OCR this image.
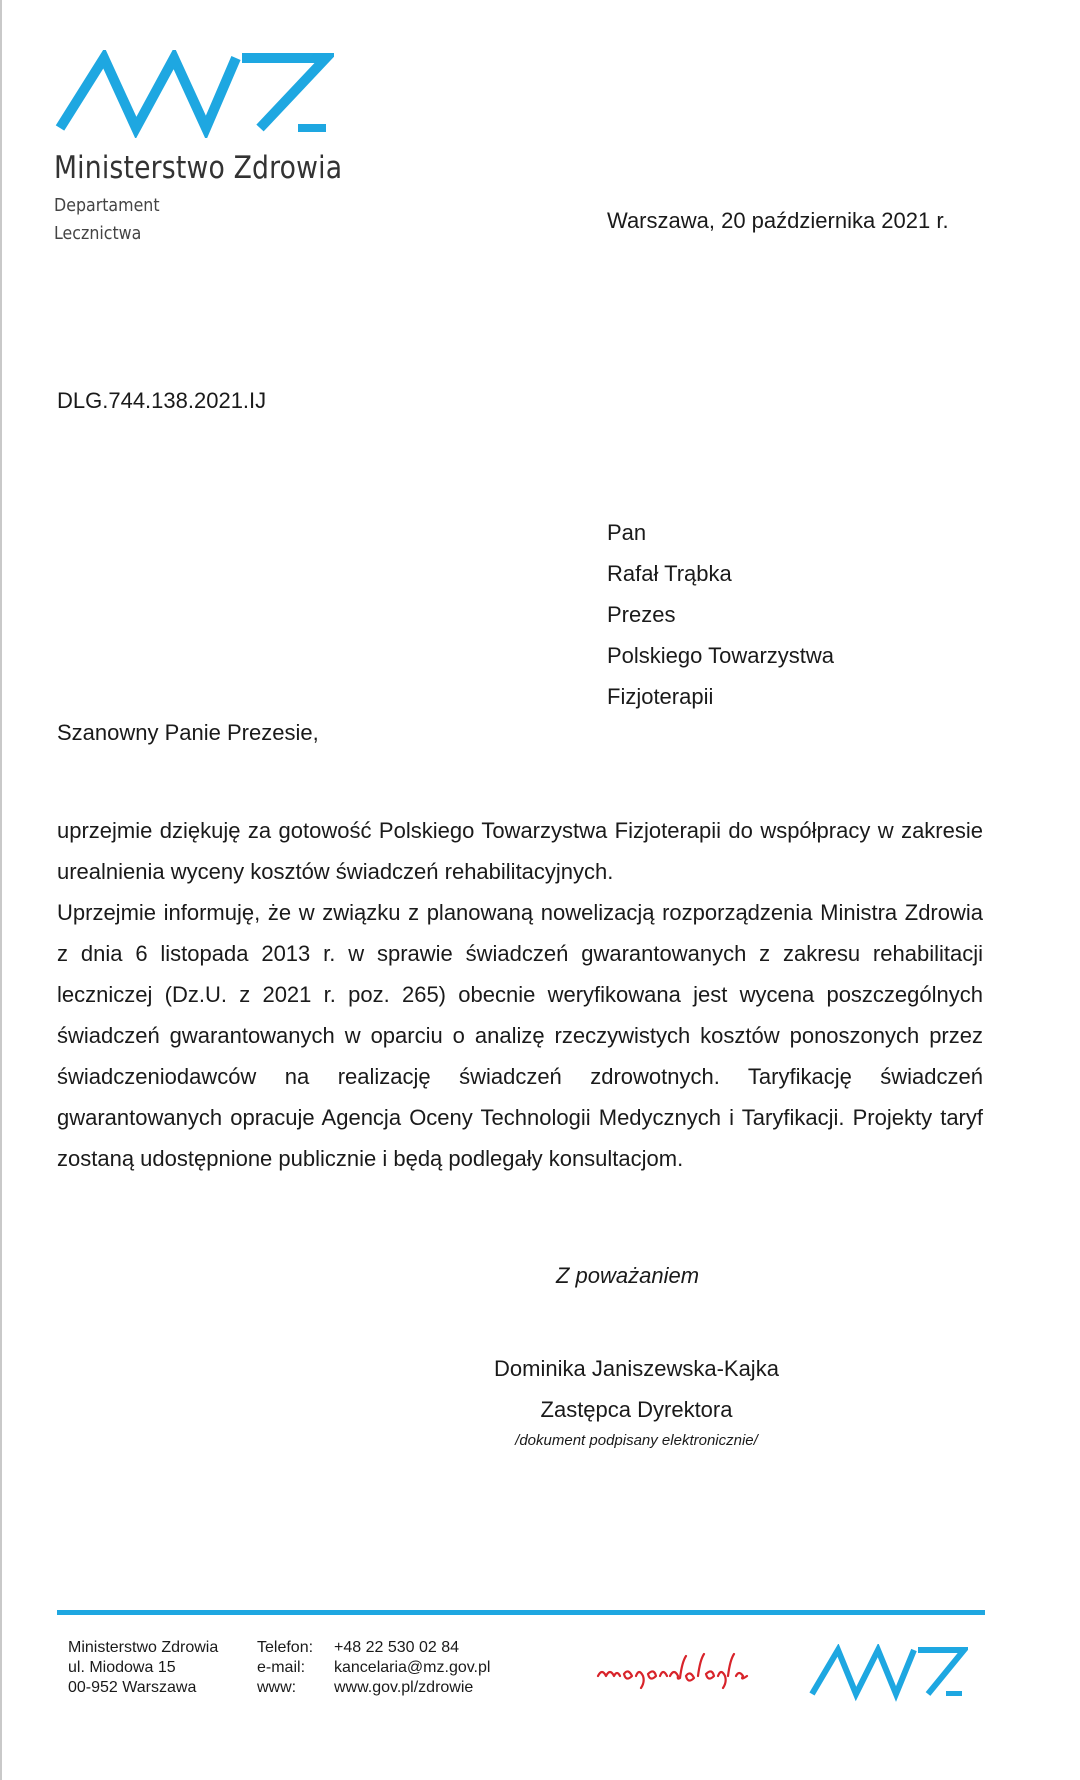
Ministerstwo Zdrowia
Departament
Lecznictwa
Warszawa, 20 października 2021 r.
DLG.744.138.2021.IJ
Pan
Rafał Trąbka
Prezes
Polskiego Towarzystwa
Fizjoterapii
Szanowny Panie Prezesie,

uprzejmie dziękuję za gotowość Polskiego Towarzystwa Fizjoterapii do współpracy w zakresie urealnienia wyceny kosztów świadczeń rehabilitacyjnych.

Uprzejmie informuję, że w związku z planowaną nowelizacją rozporządzenia Ministra Zdrowia z dnia 6 listopada 2013 r. w sprawie świadczeń gwarantowanych z zakresu rehabilitacji leczniczej (Dz.U. z 2021 r. poz. 265) obecnie weryfikowana jest wycena poszczególnych świadczeń gwarantowanych w oparciu o analizę rzeczywistych kosztów ponoszonych przez świadczeniodawców na realizację świadczeń zdrowotnych. Taryfikację świadczeń gwarantowanych opracuje Agencja Oceny Technologii Medycznych i Taryfikacji. Projekty taryf zostaną udostępnione publicznie i będą podlegały konsultacjom.

Z poważaniem
Dominika Janiszewska-Kajka
Zastępca Dyrektora
/dokument podpisany elektronicznie/
Ministerstwo Zdrowia
ul. Miodowa 15
00-952 Warszawa
Telefon:
e-mail:
www:
+48 22 530 02 84
kancelaria@mz.gov.pl
www.gov.pl/zdrowie
